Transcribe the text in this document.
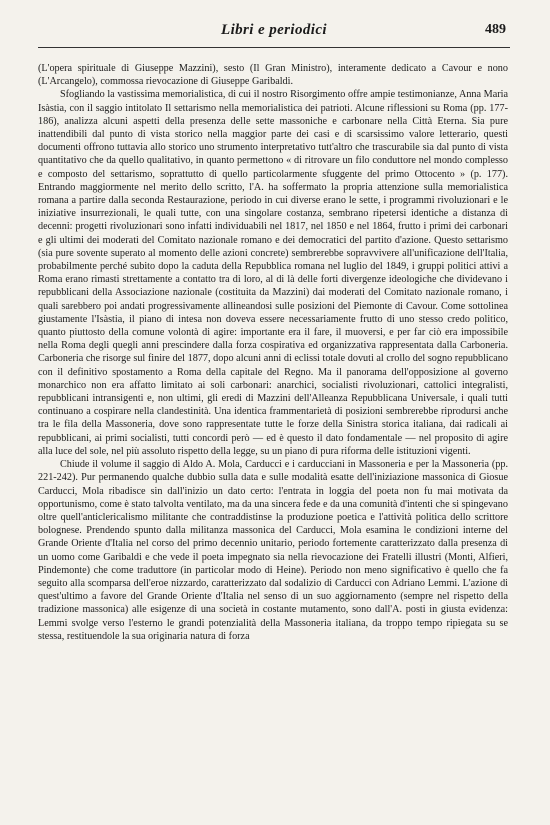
Libri e periodici	489

(L'opera spirituale di Giuseppe Mazzini), sesto (Il Gran Ministro), interamente dedicato a Cavour e nono (L'Arcangelo), commossa rievocazione di Giuseppe Garibaldi.

Sfogliando la vastissima memorialistica, di cui il nostro Risorgimento offre ampie testimonianze, Anna Maria Isàstia, con il saggio intitolato Il settarismo nella memorialistica dei patrioti. Alcune riflessioni su Roma (pp. 177-186), analizza alcuni aspetti della presenza delle sette massoniche e carbonare nella Città Eterna. Sia pure inattendibili dal punto di vista storico nella maggior parte dei casi e di scarsissimo valore letterario, questi documenti offrono tuttavia allo storico uno strumento interpretativo tutt'altro che trascurabile sia dal punto di vista quantitativo che da quello qualitativo, in quanto permettono « di ritrovare un filo conduttore nel mondo complesso e composto del settarismo, soprattutto di quello particolarmente sfuggente del primo Ottocento » (p. 177). Entrando maggiormente nel merito dello scritto, l'A. ha soffermato la propria attenzione sulla memorialistica romana a partire dalla seconda Restaurazione, periodo in cui diverse erano le sette, i programmi rivoluzionari e le iniziative insurrezionali, le quali tutte, con una singolare costanza, sembrano ripetersi identiche a distanza di decenni: progetti rivoluzionari sono infatti individuabili nel 1817, nel 1850 e nel 1864, frutto i primi dei carbonari e gli ultimi dei moderati del Comitato nazionale romano e dei democratici del partito d'azione. Questo settarismo (sia pure sovente superato al momento delle azioni concrete) sembrerebbe sopravvivere all'unificazione dell'Italia, probabilmente perché subito dopo la caduta della Repubblica romana nel luglio del 1849, i gruppi politici attivi a Roma erano rimasti strettamente a contatto tra di loro, al di là delle forti divergenze ideologiche che dividevano i repubblicani della Associazione nazionale (costituita da Mazzini) dai moderati del Comitato nazionale romano, i quali sarebbero poi andati progressivamente allineandosi sulle posizioni del Piemonte di Cavour. Come sottolinea giustamente l'Isàstia, il piano di intesa non doveva essere necessariamente frutto di uno stesso credo politico, quanto piuttosto della comune volontà di agire: importante era il fare, il muoversi, e per far ciò era impossibile nella Roma degli quegli anni prescindere dalla forza cospirativa ed organizzativa rappresentata dalla Carboneria. Carboneria che risorge sul finire del 1877, dopo alcuni anni di eclissi totale dovuti al crollo del sogno repubblicano con il definitivo spostamento a Roma della capitale del Regno. Ma il panorama dell'opposizione al governo monarchico non era affatto limitato ai soli carbonari: anarchici, socialisti rivoluzionari, cattolici integralisti, repubblicani intransigenti e, non ultimi, gli eredi di Mazzini dell'Alleanza Repubblicana Universale, i quali tutti continuano a cospirare nella clandestinità. Una identica frammentarietà di posizioni sembrerebbe riprodursi anche tra le fila della Massoneria, dove sono rappresentate tutte le forze della Sinistra storica italiana, dai radicali ai repubblicani, ai primi socialisti, tutti concordi però — ed è questo il dato fondamentale — nel proposito di agire alla luce del sole, nel più assoluto rispetto della legge, su un piano di pura riforma delle istituzioni vigenti.

Chiude il volume il saggio di Aldo A. Mola, Carducci e i carducciani in Massoneria e per la Massoneria (pp. 221-242). Pur permanendo qualche dubbio sulla data e sulle modalità esatte dell'iniziazione massonica di Giosue Carducci, Mola ribadisce sin dall'inizio un dato certo: l'entrata in loggia del poeta non fu mai motivata da opportunismo, come è stato talvolta ventilato, ma da una sincera fede e da una comunità d'intenti che si spingevano oltre quell'anticlericalismo militante che contraddistinse la produzione poetica e l'attività politica dello scrittore bolognese. Prendendo spunto dalla militanza massonica del Carducci, Mola esamina le condizioni interne del Grande Oriente d'Italia nel corso del primo decennio unitario, periodo fortemente caratterizzato dalla presenza di un uomo come Garibaldi e che vede il poeta impegnato sia nella rievocazione dei Fratelli illustri (Monti, Alfieri, Pindemonte) che come traduttore (in particolar modo di Heine). Periodo non meno significativo è quello che fa seguito alla scomparsa dell'eroe nizzardo, caratterizzato dal sodalizio di Carducci con Adriano Lemmi. L'azione di quest'ultimo a favore del Grande Oriente d'Italia nel senso di un suo aggiornamento (sempre nel rispetto della tradizione massonica) alle esigenze di una società in costante mutamento, sono dall'A. posti in giusta evidenza: Lemmi svolge verso l'esterno le grandi potenzialità della Massoneria italiana, da troppo tempo ripiegata su se stessa, restituendole la sua originaria natura di forza
